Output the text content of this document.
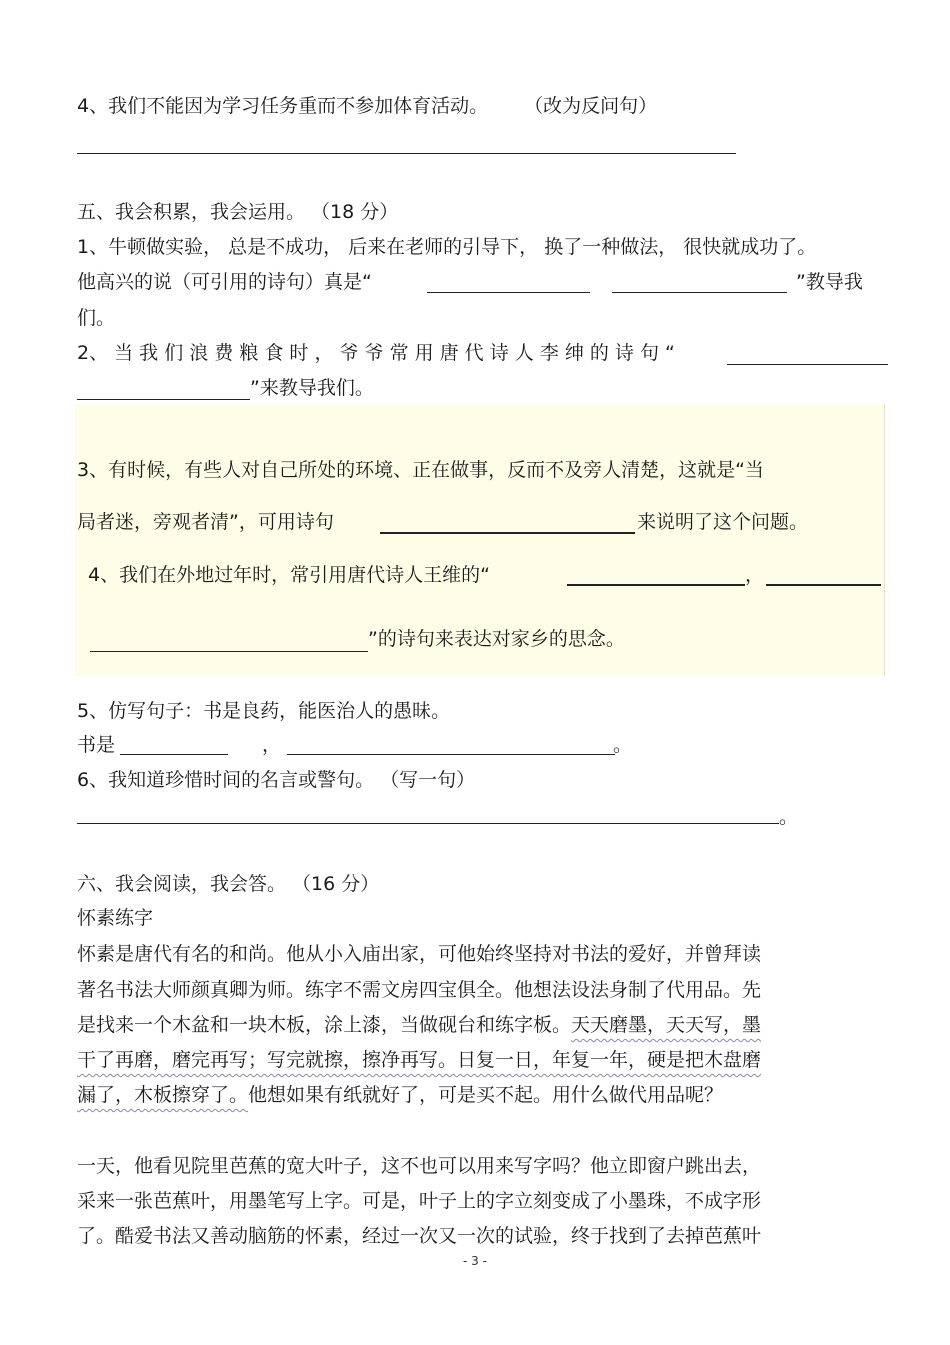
4、我们不能因为学习任务重而不参加体育活动。 （改为反问句）
五、我会积累，我会运用。 （18 分）
1、牛顿做实验， 总是不成功， 后来在老师的引导下， 换了一种做法， 很快就成功了。
他高兴的说（可引用的诗句）真是“	”教导我
们。
2、 当 我 们 浪 费 粮 食 时 ， 爷 爷 常 用 唐 代 诗 人 李 绅 的 诗 句 “
”来教导我们。
3、有时候，有些人对自己所处的环境、正在做事，反而不及旁人清楚，这就是“当
局者迷，旁观者清”，可用诗句	来说明了这个问题。
4、我们在外地过年时，常引用唐代诗人王维的“	，
”的诗句来表达对家乡的思念。
5、仿写句子：书是良药，能医治人的愚昧。
书是	，	。
6、我知道珍惜时间的名言或警句。 （写一句）
。
六、我会阅读，我会答。 （16 分）
怀素练字
怀素是唐代有名的和尚。他从小入庙出家，可他始终坚持对书法的爱好，并曾拜读
著名书法大师颜真卿为师。练字不需文房四宝俱全。他想法设法身制了代用品。先
是找来一个木盆和一块木板，涂上漆，当做砚台和练字板。天天磨墨，天天写，墨
干了再磨，磨完再写；写完就擦，擦净再写。日复一日，年复一年，硬是把木盘磨
漏了，木板擦穿了。他想如果有纸就好了，可是买不起。用什么做代用品呢？
一天，他看见院里芭蕉的宽大叶子，这不也可以用来写字吗？他立即窗户跳出去，
采来一张芭蕉叶，用墨笔写上字。可是，叶子上的字立刻变成了小墨珠，不成字形
了。酷爱书法又善动脑筋的怀素，经过一次又一次的试验，终于找到了去掉芭蕉叶
- 3 -
